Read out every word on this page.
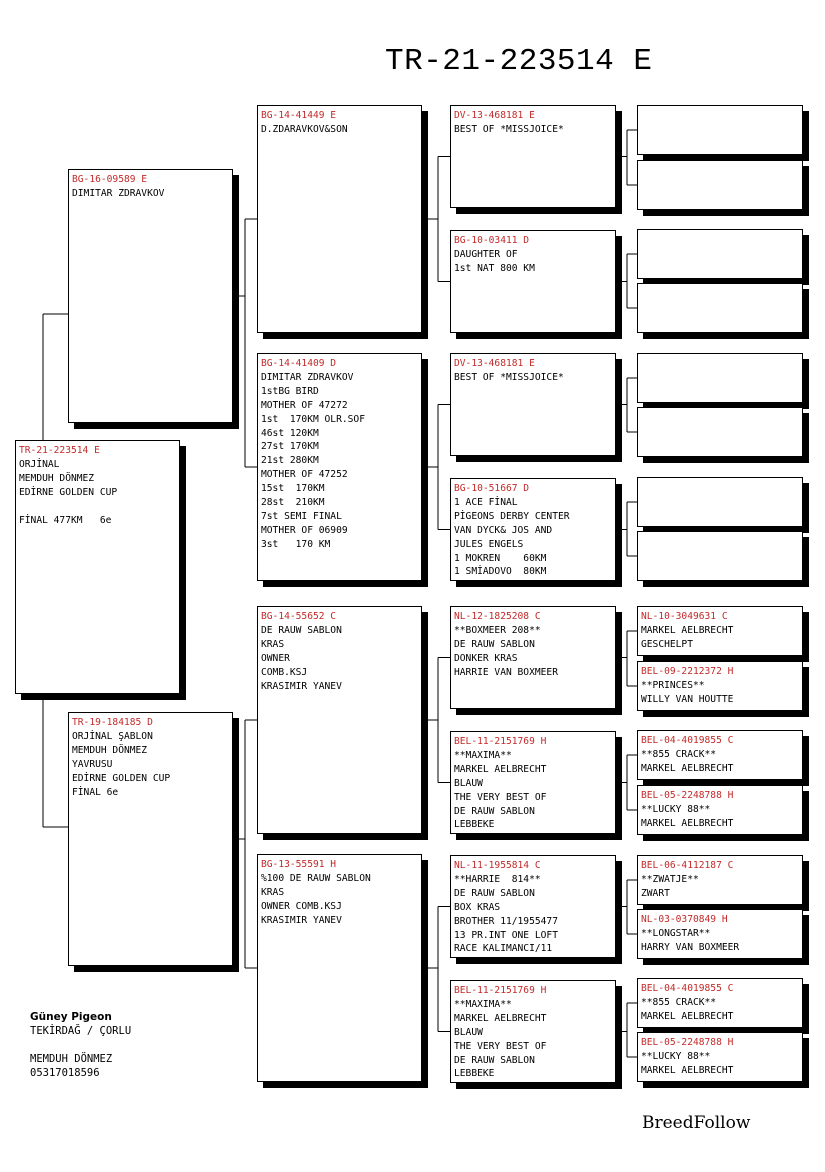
TR-21-223514 E
TR-21-223514 E
ORJİNAL
MEMDUH DÖNMEZ
EDİRNE GOLDEN CUP

FİNAL 477KM   6e
BG-16-09589 E
DIMITAR ZDRAVKOV
TR-19-184185 D
ORJİNAL ŞABLON
MEMDUH DÖNMEZ
YAVRUSU
EDİRNE GOLDEN CUP
FİNAL 6e
BG-14-41449 E
D.ZDARAVKOV&SON
BG-14-41409 D
DIMITAR ZDRAVKOV
1stBG BIRD
MOTHER OF 47272
1st  170KM OLR.SOF
46st 120KM
27st 170KM
21st 280KM
MOTHER OF 47252
15st  170KM
28st  210KM
7st SEMI FINAL
MOTHER OF 06909
3st   170 KM
BG-14-55652 C
DE RAUW SABLON
KRAS
OWNER
COMB.KSJ
KRASIMIR YANEV
BG-13-55591 H
%100 DE RAUW SABLON
KRAS
OWNER COMB.KSJ
KRASIMIR YANEV
DV-13-468181 E
BEST OF *MISSJOICE*
BG-10-03411 D
DAUGHTER OF
1st NAT 800 KM
DV-13-468181 E
BEST OF *MISSJOICE*
BG-10-51667 D
1 ACE FİNAL
PİGEONS DERBY CENTER
VAN DYCK& JOS AND
JULES ENGELS
1 MOKREN    60KM
1 SMİADOVO  80KM
NL-12-1825208 C
**BOXMEER 208**
DE RAUW SABLON
DONKER KRAS
HARRIE VAN BOXMEER
BEL-11-2151769 H
**MAXIMA**
MARKEL AELBRECHT
BLAUW
THE VERY BEST OF
DE RAUW SABLON
LEBBEKE
NL-11-1955814 C
**HARRIE  814**
DE RAUW SABLON
BOX KRAS
BROTHER 11/1955477
13 PR.INT ONE LOFT
RACE KALIMANCI/11
BEL-11-2151769 H
**MAXIMA**
MARKEL AELBRECHT
BLAUW
THE VERY BEST OF
DE RAUW SABLON
LEBBEKE
NL-10-3049631 C
MARKEL AELBRECHT
GESCHELPT
BEL-09-2212372 H
**PRINCES**
WILLY VAN HOUTTE
BEL-04-4019855 C
**855 CRACK**
MARKEL AELBRECHT
BEL-05-2248788 H
**LUCKY 88**
MARKEL AELBRECHT
BEL-06-4112187 C
**ZWATJE**
ZWART
NL-03-0370849 H
**LONGSTAR**
HARRY VAN BOXMEER
BEL-04-4019855 C
**855 CRACK**
MARKEL AELBRECHT
BEL-05-2248788 H
**LUCKY 88**
MARKEL AELBRECHT
Güney Pigeon
TEKİRDAĞ / ÇORLU

MEMDUH DÖNMEZ
05317018596
BreedFollow
